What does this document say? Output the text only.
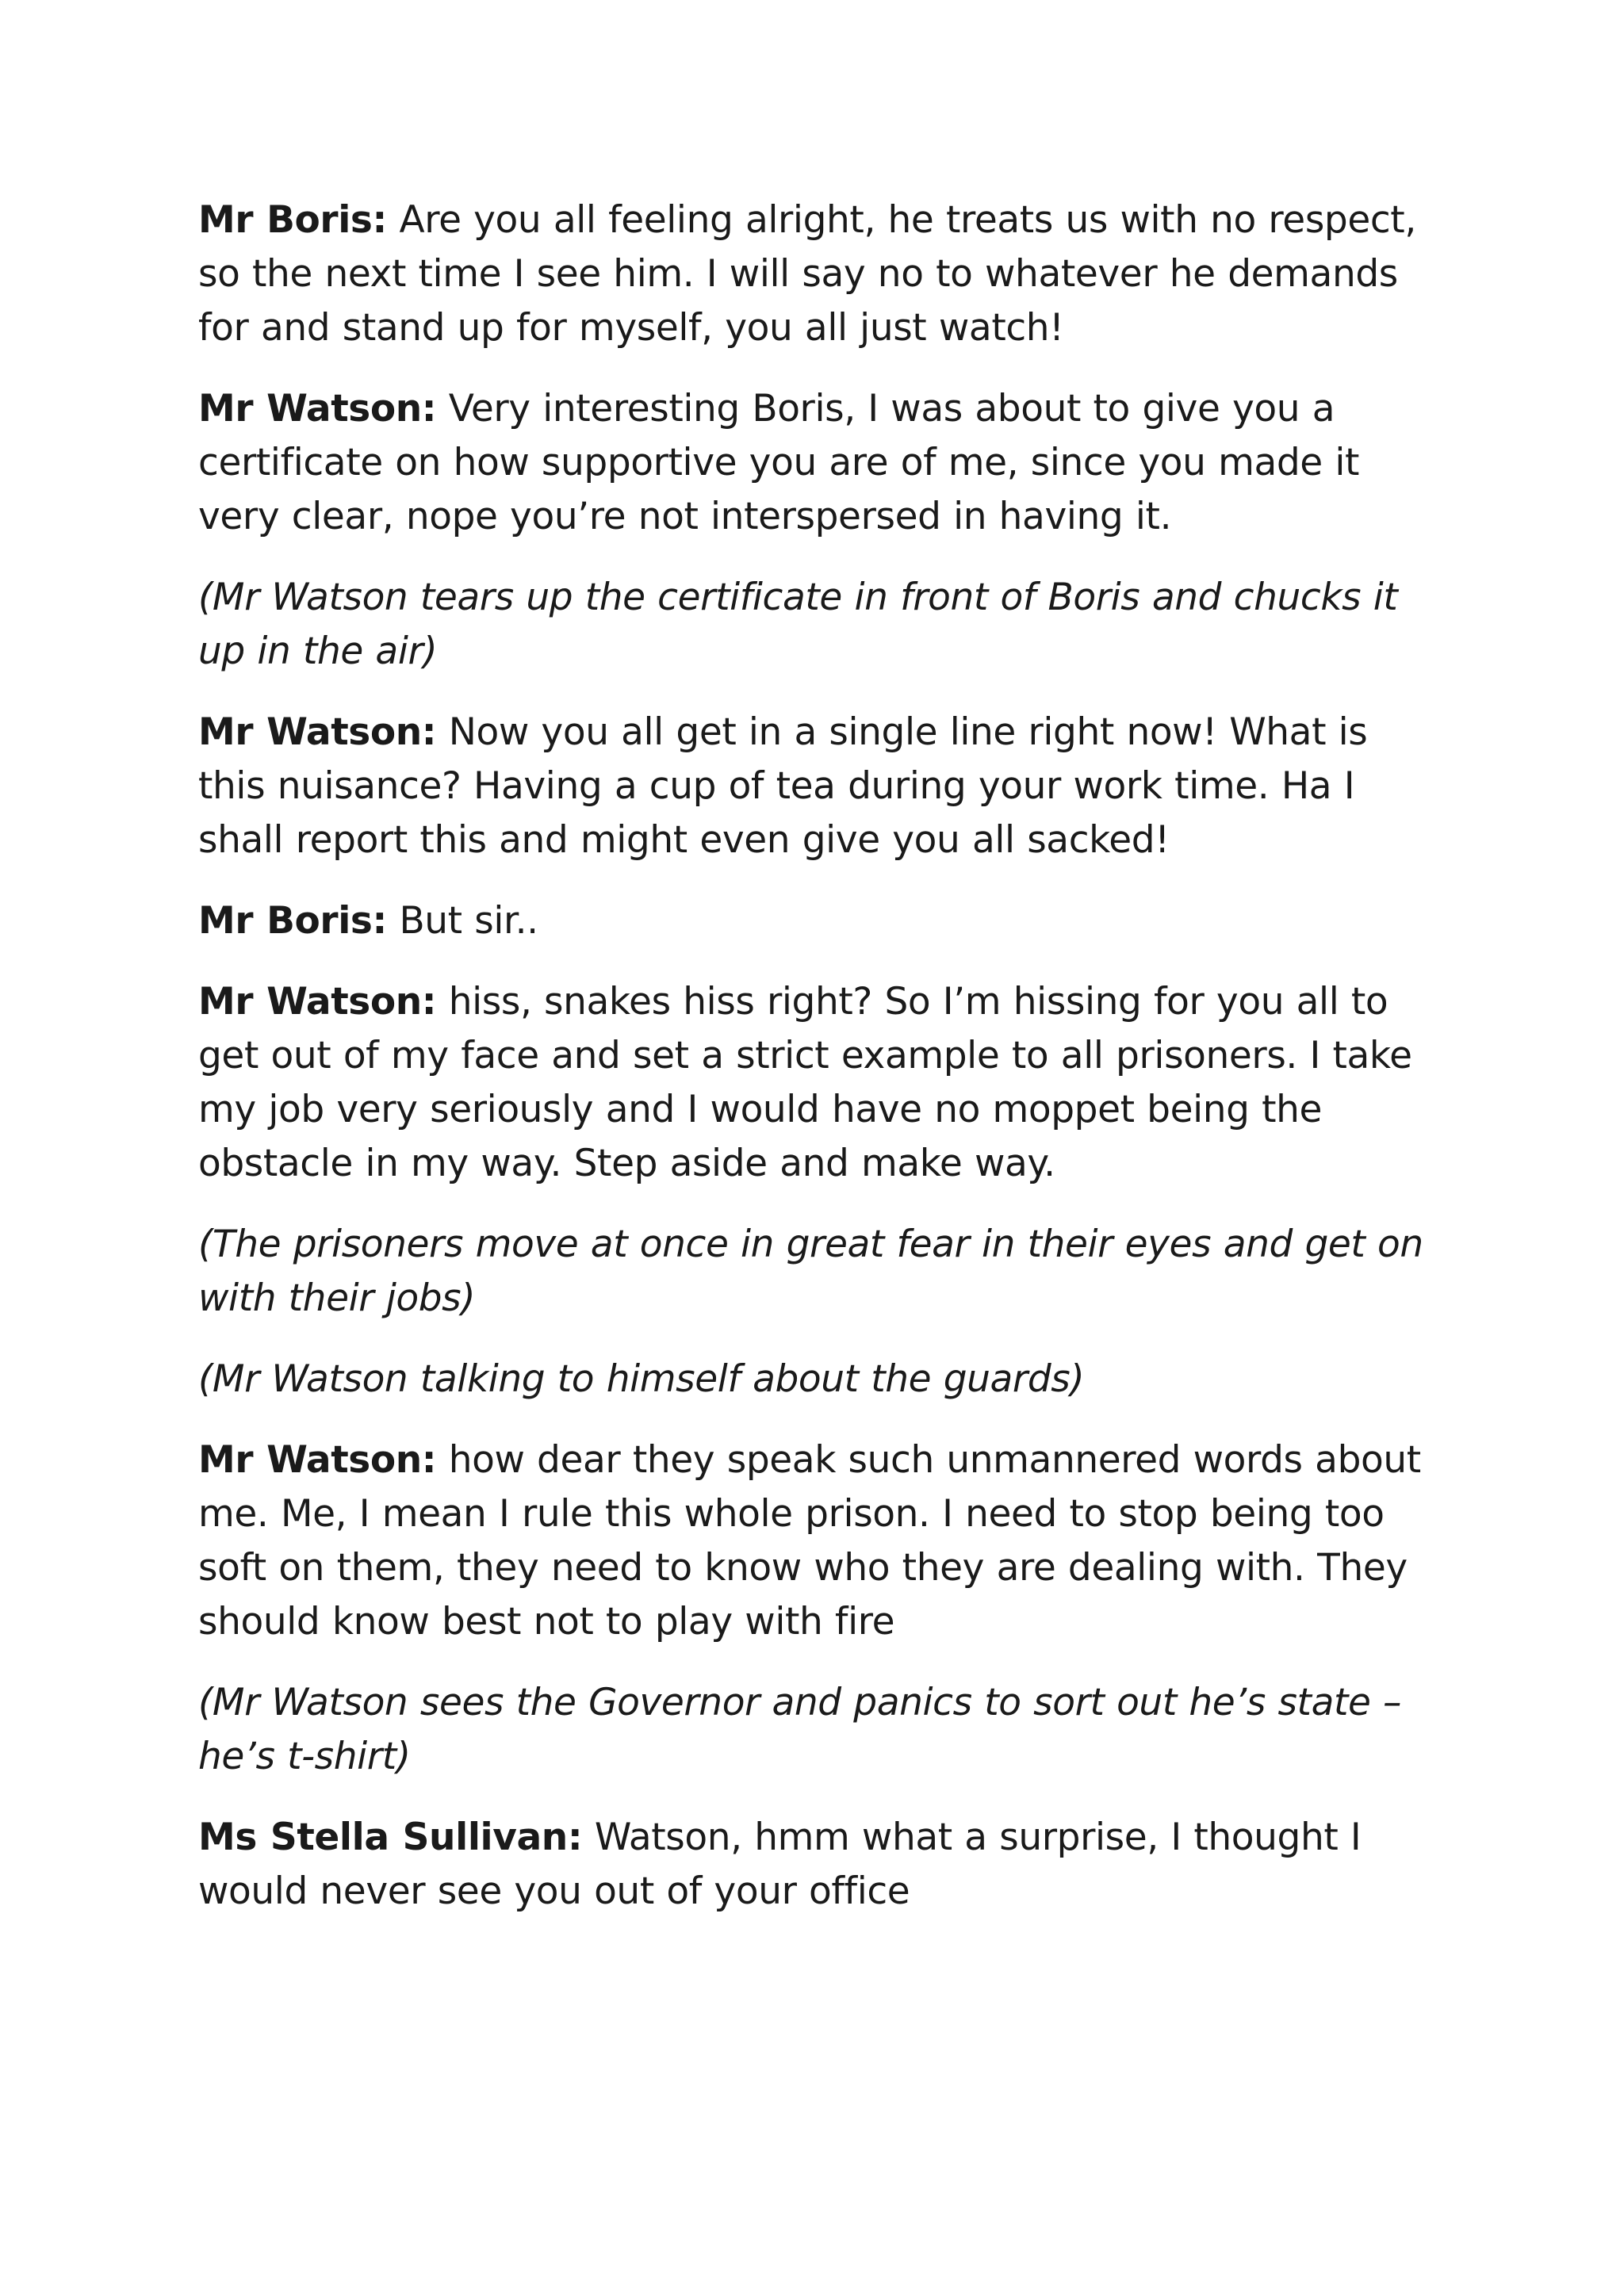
Mr Boris: Are you all feeling alright, he treats us with no respect, so the next time I see him. I will say no to whatever he demands for and stand up for myself, you all just watch!

Mr Watson: Very interesting Boris, I was about to give you a certificate on how supportive you are of me, since you made it very clear, nope you’re not interspersed in having it.

(Mr Watson tears up the certificate in front of Boris and chucks it up in the air)

Mr Watson: Now you all get in a single line right now! What is this nuisance? Having a cup of tea during your work time. Ha I shall report this and might even give you all sacked!

Mr Boris: But sir..

Mr Watson: hiss, snakes hiss right? So I’m hissing for you all to get out of my face and set a strict example to all prisoners. I take my job very seriously and I would have no moppet being the obstacle in my way. Step aside and make way.

(The prisoners move at once in great fear in their eyes and get on with their jobs)

(Mr Watson talking to himself about the guards)

Mr Watson: how dear they speak such unmannered words about me. Me, I mean I rule this whole prison. I need to stop being too soft on them, they need to know who they are dealing with. They should know best not to play with fire

(Mr Watson sees the Governor and panics to sort out he’s state – he’s t-shirt)

Ms Stella Sullivan: Watson, hmm what a surprise, I thought I would never see you out of your office
